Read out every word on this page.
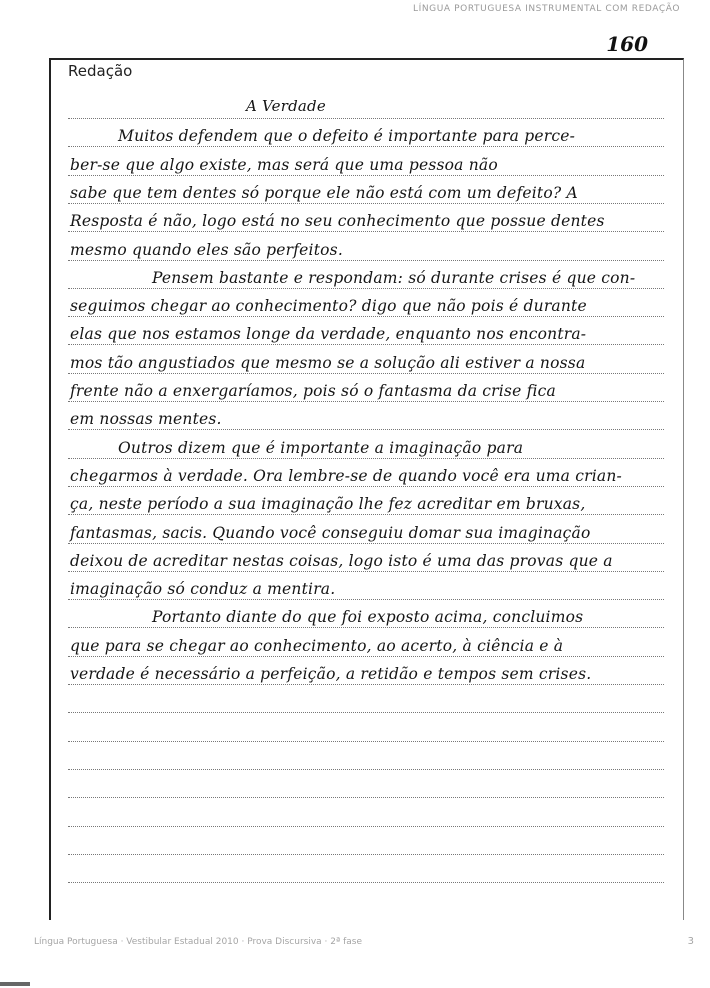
LÍNGUA PORTUGUESA INSTRUMENTAL COM REDAÇÃO
160
Redação
A Verdade
Muitos defendem que o defeito é importante para perce-
ber-se que algo existe, mas será que uma pessoa não
sabe que tem dentes só porque ele não está com um defeito? A
Resposta é não, logo está no seu conhecimento que possue dentes
mesmo quando eles são perfeitos.
Pensem bastante e respondam: só durante crises é que con-
seguimos chegar ao conhecimento? digo que não pois é durante
elas que nos estamos longe da verdade, enquanto nos encontra-
mos tão angustiados que mesmo se a solução ali estiver a nossa
frente não a enxergaríamos, pois só o fantasma da crise fica
em nossas mentes.
Outros dizem que é importante a imaginação para
chegarmos à verdade. Ora lembre-se de quando você era uma crian-
ça, neste período a sua imaginação lhe fez acreditar em bruxas,
fantasmas, sacis. Quando você conseguiu domar sua imaginação
deixou de acreditar nestas coisas, logo isto é uma das provas que a
imaginação só conduz a mentira.
Portanto diante do que foi exposto acima, concluimos
que para se chegar ao conhecimento, ao acerto, à ciência e à
verdade é necessário a perfeição, a retidão e tempos sem crises.
Língua Portuguesa · Vestibular Estadual 2010 · Prova Discursiva · 2ª fase	3
